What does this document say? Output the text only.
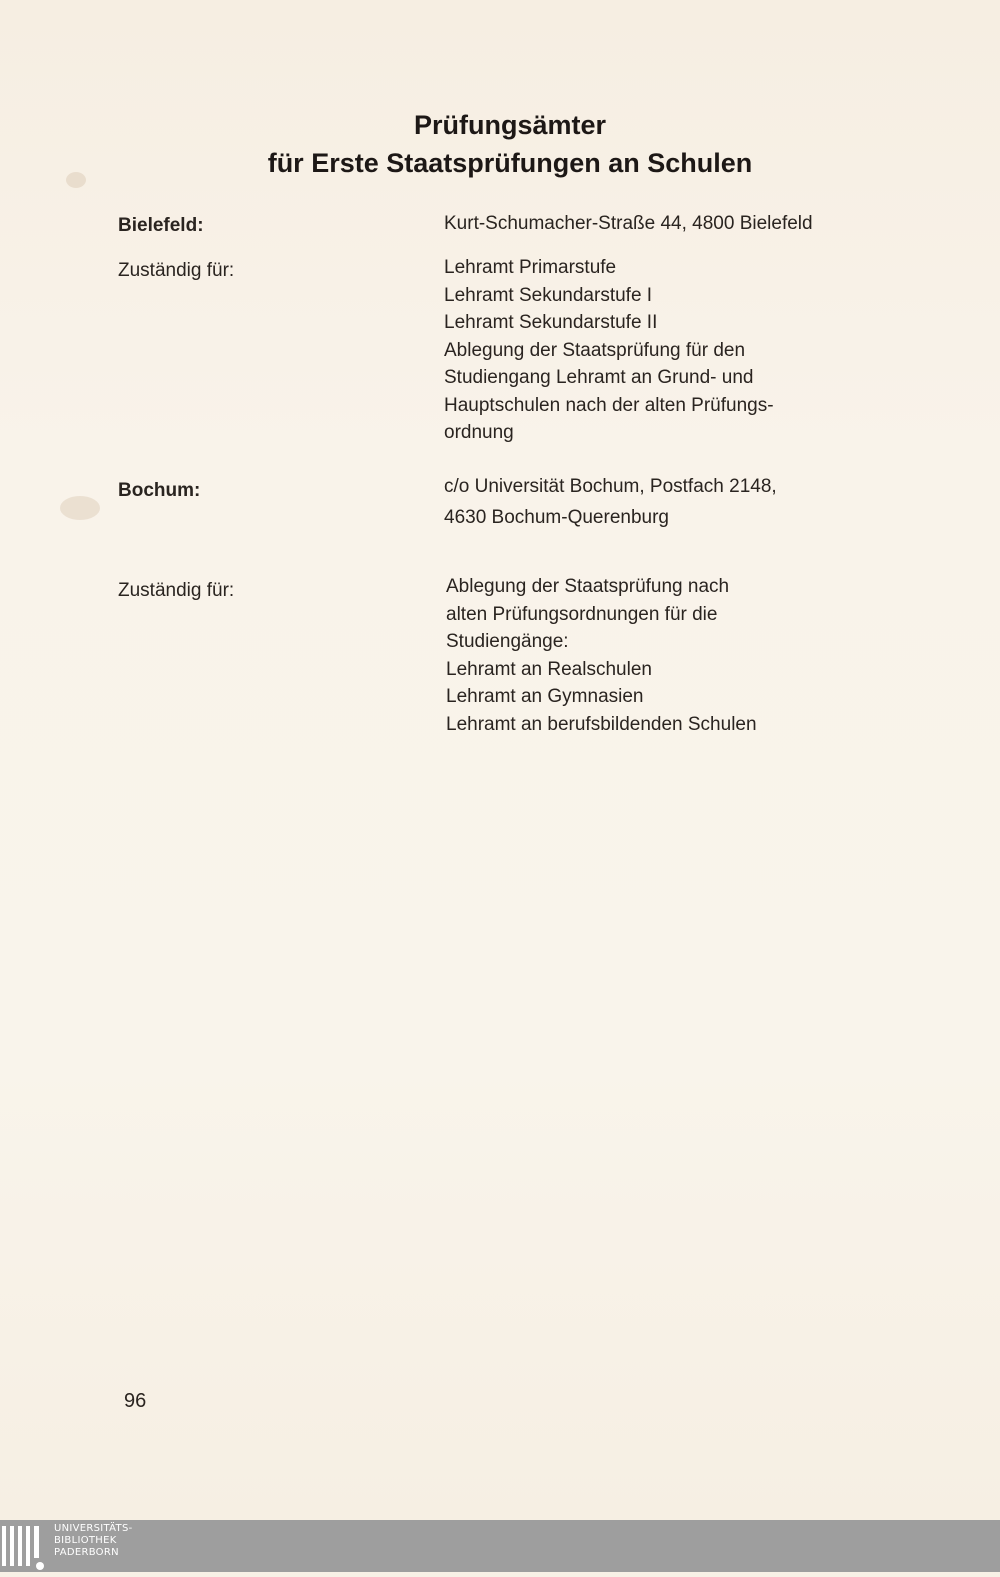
Prüfungsämter
für Erste Staatsprüfungen an Schulen
Bielefeld:	Kurt-Schumacher-Straße 44, 4800 Bielefeld
Zuständig für:	Lehramt Primarstufe
Lehramt Sekundarstufe I
Lehramt Sekundarstufe II
Ablegung der Staatsprüfung für den
Studiengang Lehramt an Grund- und
Hauptschulen nach der alten Prüfungs-
ordnung
Bochum:	c/o Universität Bochum, Postfach 2148,
4630 Bochum-Querenburg
Zuständig für:	Ablegung der Staatsprüfung nach
alten Prüfungsordnungen für die
Studiengänge:
Lehramt an Realschulen
Lehramt an Gymnasien
Lehramt an berufsbildenden Schulen
96
UNIVERSITÄTS-
BIBLIOTHEK
PADERBORN
